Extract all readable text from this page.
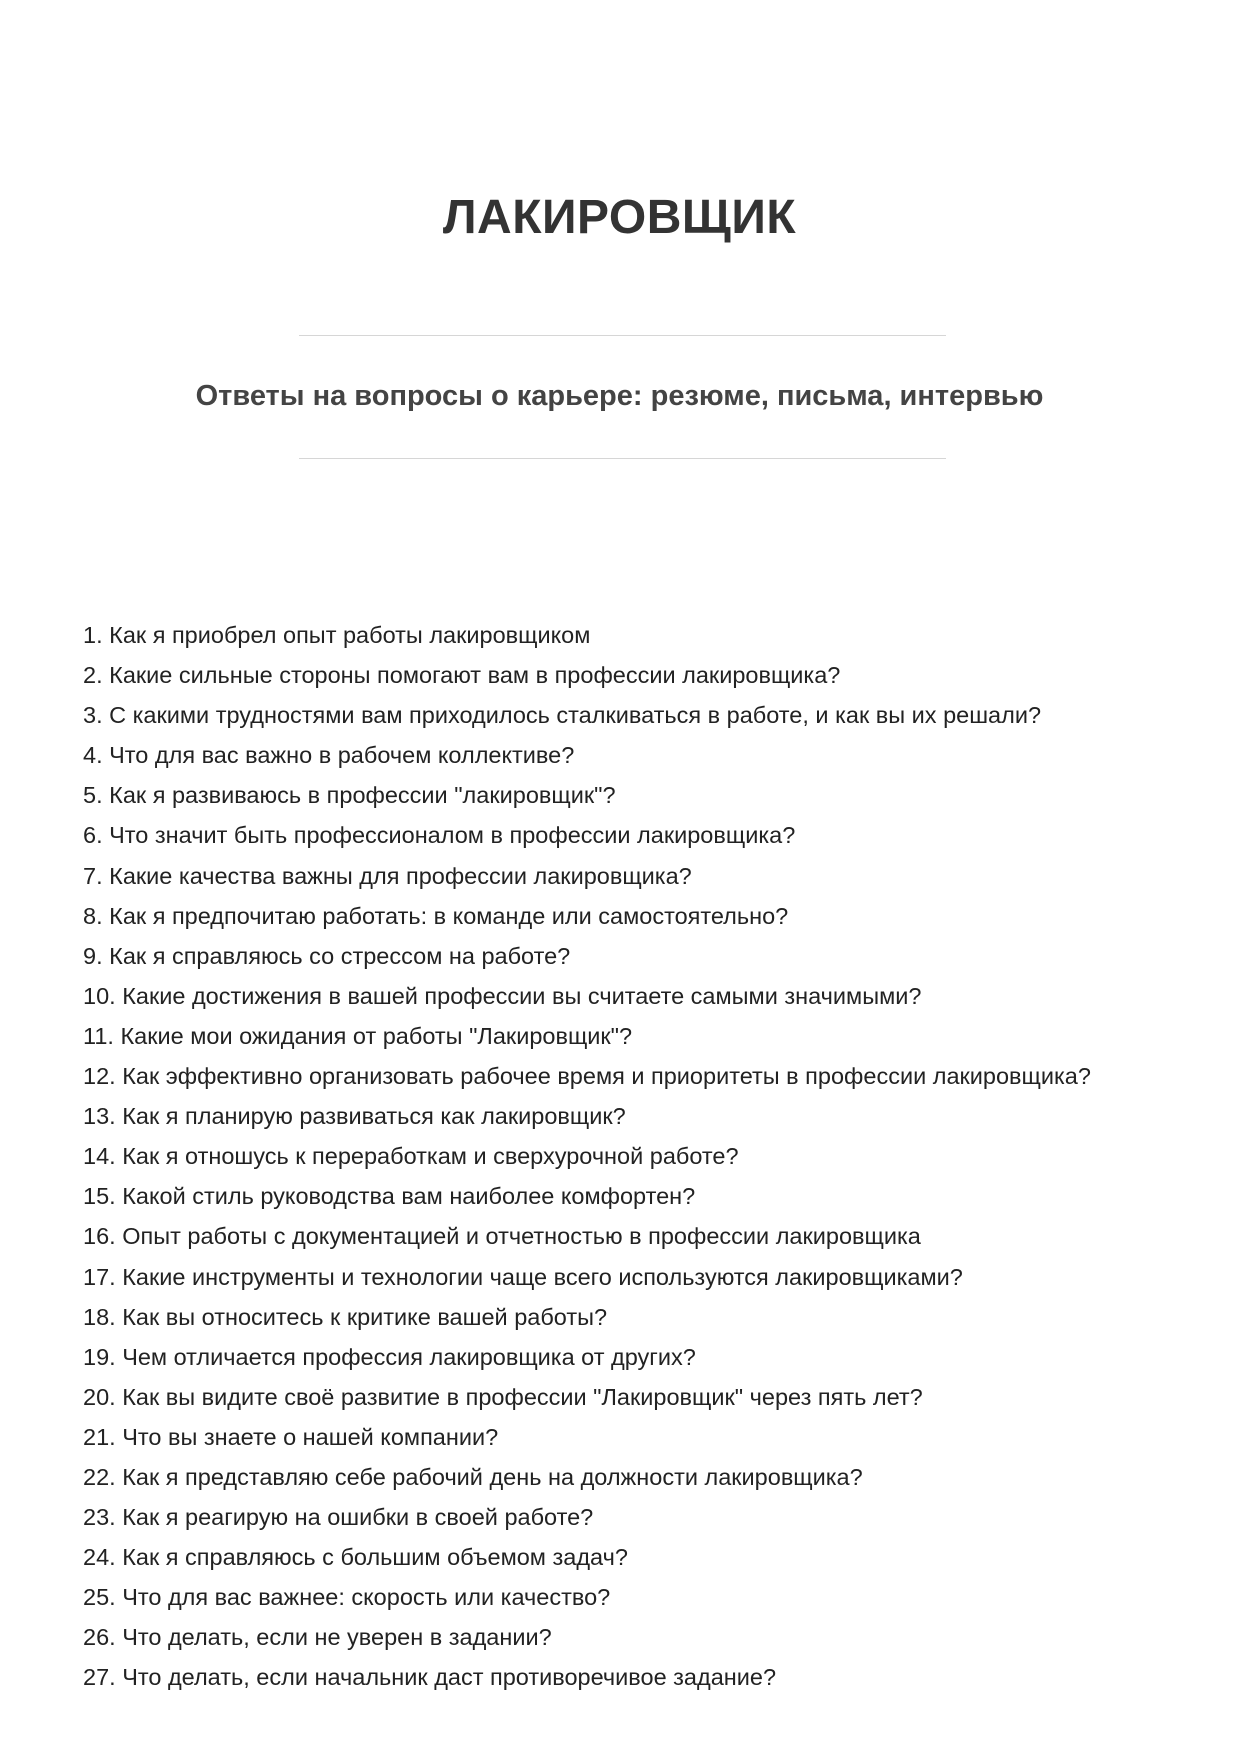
ЛАКИРОВЩИК
Ответы на вопросы о карьере: резюме, письма, интервью
1. Как я приобрел опыт работы лакировщиком
2. Какие сильные стороны помогают вам в профессии лакировщика?
3. С какими трудностями вам приходилось сталкиваться в работе, и как вы их решали?
4. Что для вас важно в рабочем коллективе?
5. Как я развиваюсь в профессии "лакировщик"?
6. Что значит быть профессионалом в профессии лакировщика?
7. Какие качества важны для профессии лакировщика?
8. Как я предпочитаю работать: в команде или самостоятельно?
9. Как я справляюсь со стрессом на работе?
10. Какие достижения в вашей профессии вы считаете самыми значимыми?
11. Какие мои ожидания от работы "Лакировщик"?
12. Как эффективно организовать рабочее время и приоритеты в профессии лакировщика?
13. Как я планирую развиваться как лакировщик?
14. Как я отношусь к переработкам и сверхурочной работе?
15. Какой стиль руководства вам наиболее комфортен?
16. Опыт работы с документацией и отчетностью в профессии лакировщика
17. Какие инструменты и технологии чаще всего используются лакировщиками?
18. Как вы относитесь к критике вашей работы?
19. Чем отличается профессия лакировщика от других?
20. Как вы видите своё развитие в профессии "Лакировщик" через пять лет?
21. Что вы знаете о нашей компании?
22. Как я представляю себе рабочий день на должности лакировщика?
23. Как я реагирую на ошибки в своей работе?
24. Как я справляюсь с большим объемом задач?
25. Что для вас важнее: скорость или качество?
26. Что делать, если не уверен в задании?
27. Что делать, если начальник даст противоречивое задание?
